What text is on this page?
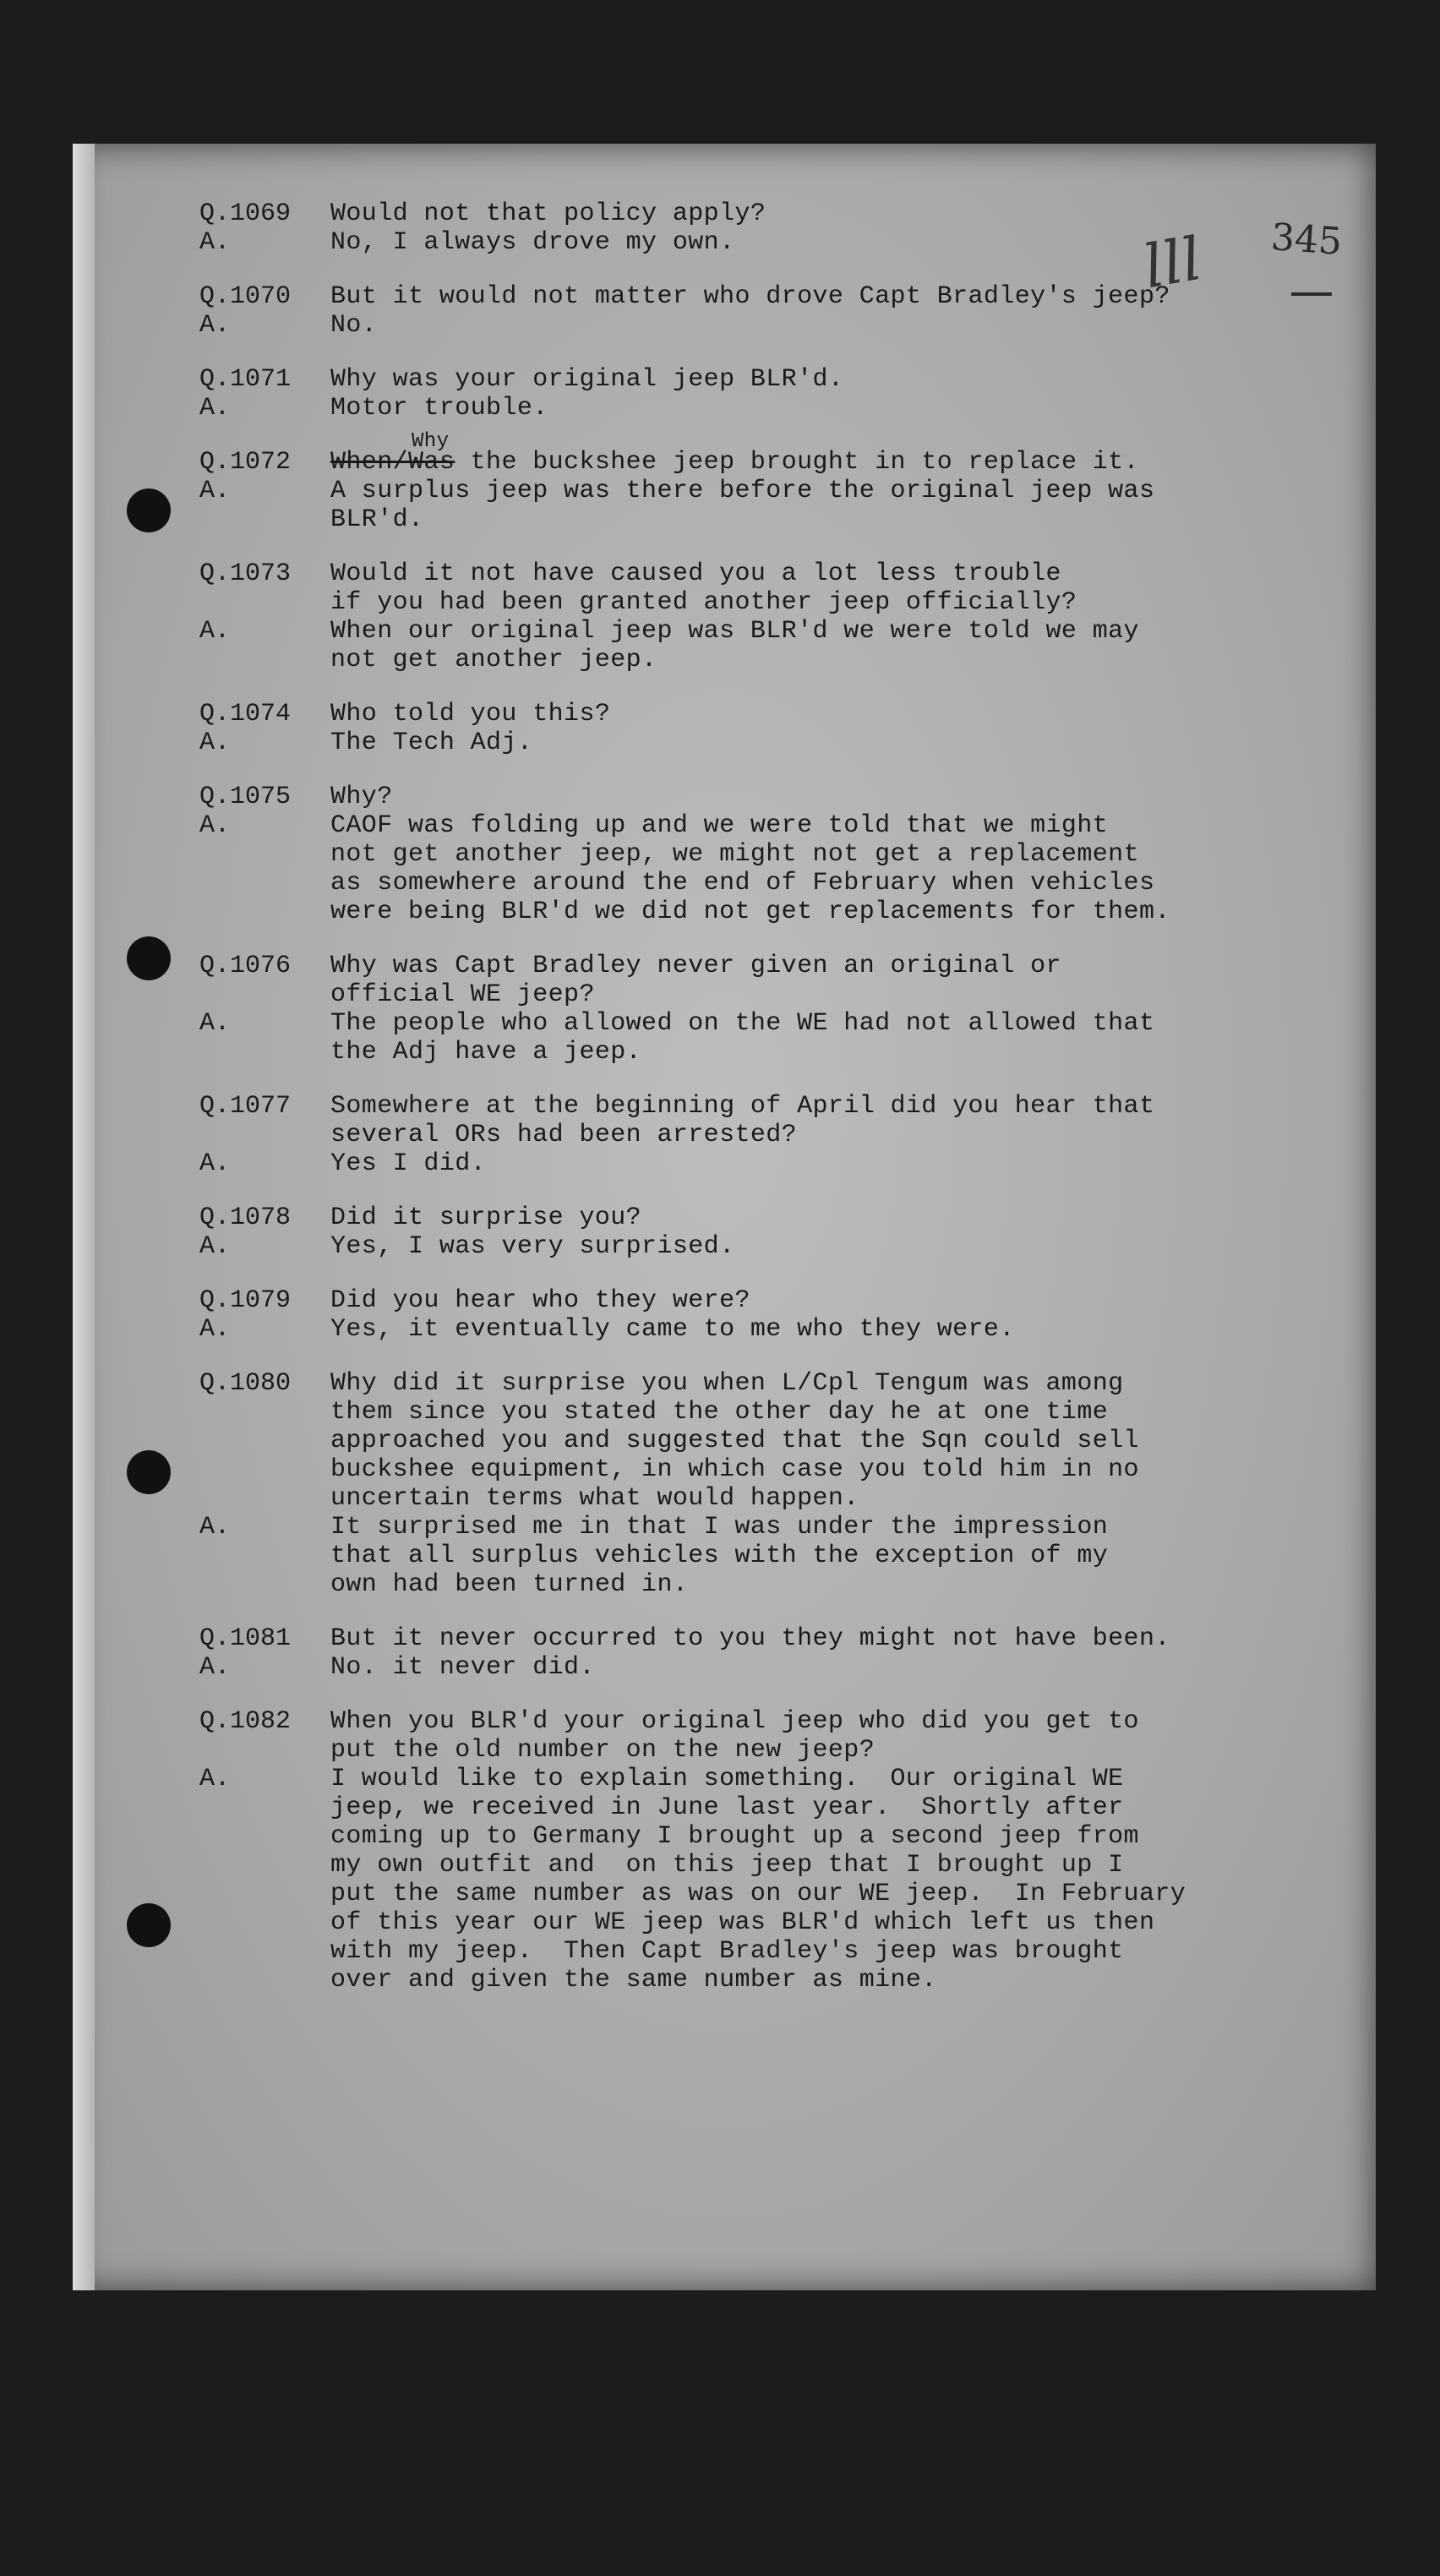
lll 345
Q.1069	Would not that policy apply?
A.	No, I always drove my own.
Q.1070	But it would not matter who drove Capt Bradley's jeep?
A.	No.
Q.1071	Why was your original jeep BLR'd.
A.	Motor trouble.
Q.1072	When/Was
Why
the buckshee jeep brought in to replace it.
A.	A surplus jeep was there before the original jeep was
BLR'd.
Q.1073	Would it not have caused you a lot less trouble
if you had been granted another jeep officially?
A.	When our original jeep was BLR'd we were told we may
not get another jeep.
Q.1074	Who told you this?
A.	The Tech Adj.
Q.1075	Why?
A.	CAOF was folding up and we were told that we might
not get another jeep, we might not get a replacement
as somewhere around the end of February when vehicles
were being BLR'd we did not get replacements for them.
Q.1076	Why was Capt Bradley never given an original or
official WE jeep?
A.	The people who allowed on the WE had not allowed that
the Adj have a jeep.
Q.1077	Somewhere at the beginning of April did you hear that
several ORs had been arrested?
A.	Yes I did.
Q.1078	Did it surprise you?
A.	Yes, I was very surprised.
Q.1079	Did you hear who they were?
A.	Yes, it eventually came to me who they were.
Q.1080	Why did it surprise you when L/Cpl Tengum was among
them since you stated the other day he at one time
approached you and suggested that the Sqn could sell
buckshee equipment, in which case you told him in no
uncertain terms what would happen.
A.	It surprised me in that I was under the impression
that all surplus vehicles with the exception of my
own had been turned in.
Q.1081	But it never occurred to you they might not have been.
A.	No. it never did.
Q.1082	When you BLR'd your original jeep who did you get to
put the old number on the new jeep?
A.	I would like to explain something.  Our original WE
jeep, we received in June last year.  Shortly after
coming up to Germany I brought up a second jeep from
my own outfit and  on this jeep that I brought up I
put the same number as was on our WE jeep.  In February
of this year our WE jeep was BLR'd which left us then
with my jeep.  Then Capt Bradley's jeep was brought
over and given the same number as mine.
